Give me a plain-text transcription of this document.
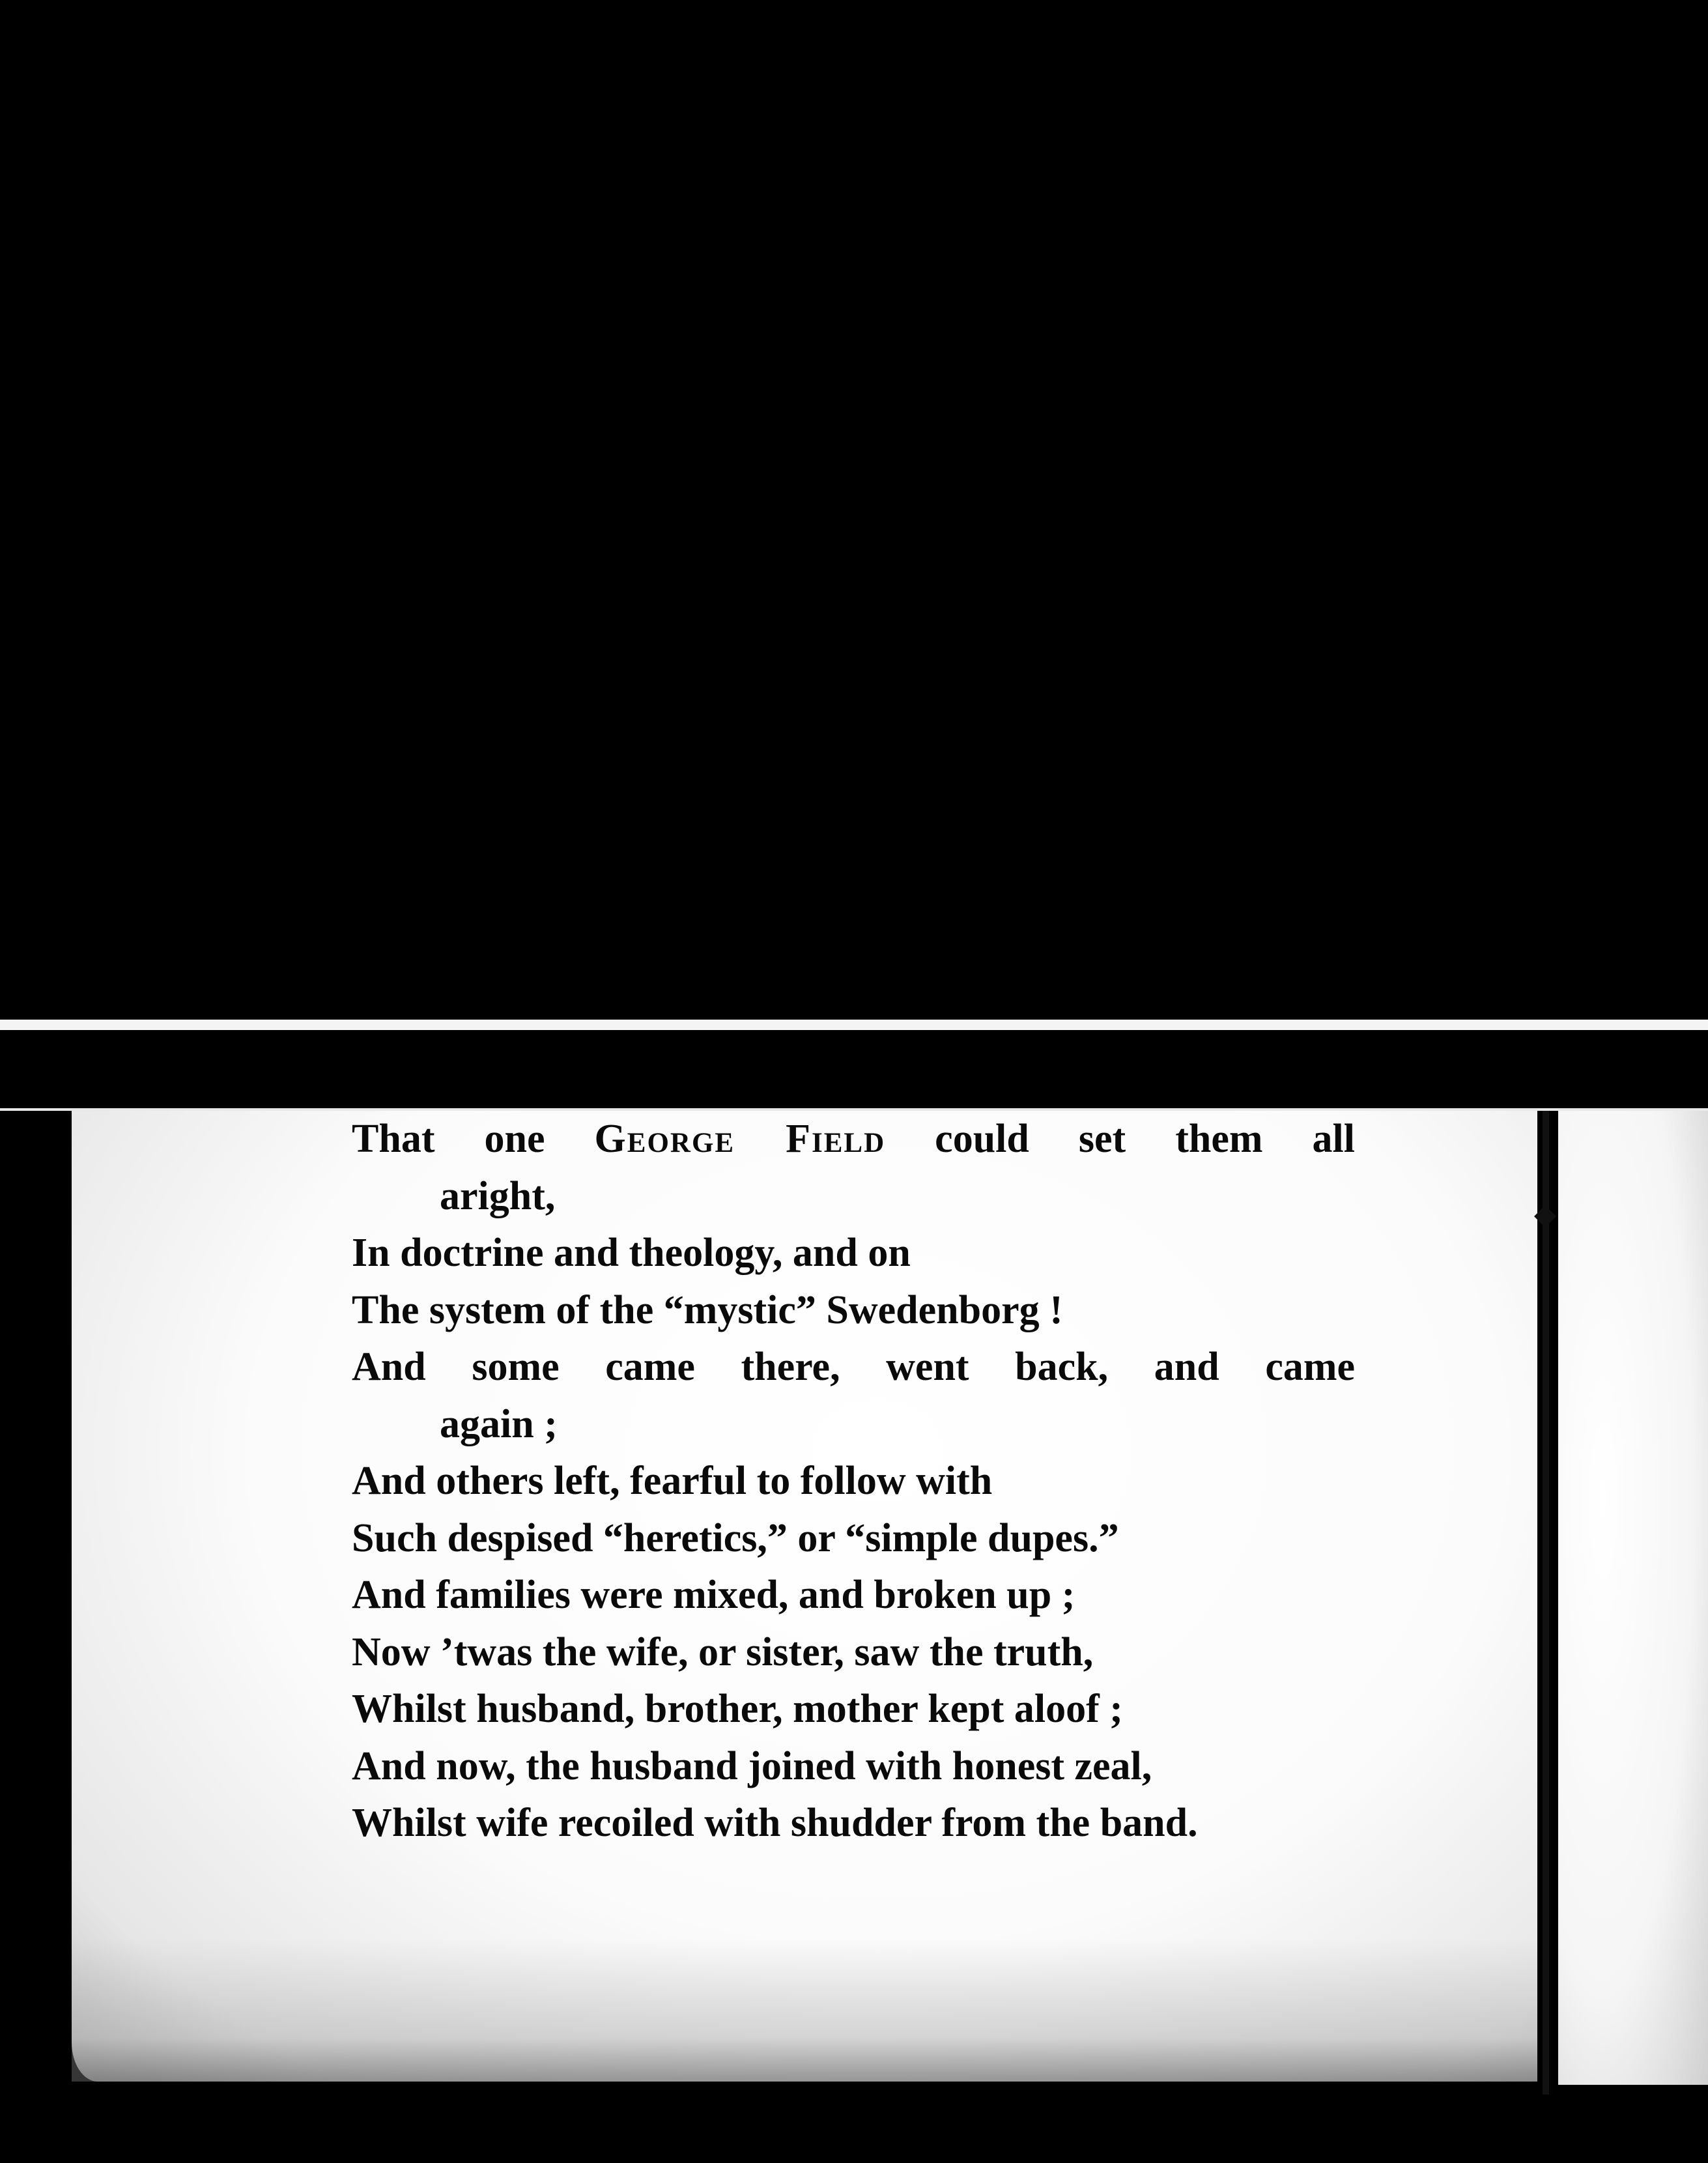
That one George Field could set them all
aright,
In doctrine and theology, and on
The system of the “mystic” Swedenborg !
And some came there, went back, and came
again ;
And others left, fearful to follow with
Such despised “heretics,” or “simple dupes.”
And families were mixed, and broken up ;
Now ’twas the wife, or sister, saw the truth,
Whilst husband, brother, mother kept aloof ;
And now, the husband joined with honest zeal,
Whilst wife recoiled with shudder from the band.
